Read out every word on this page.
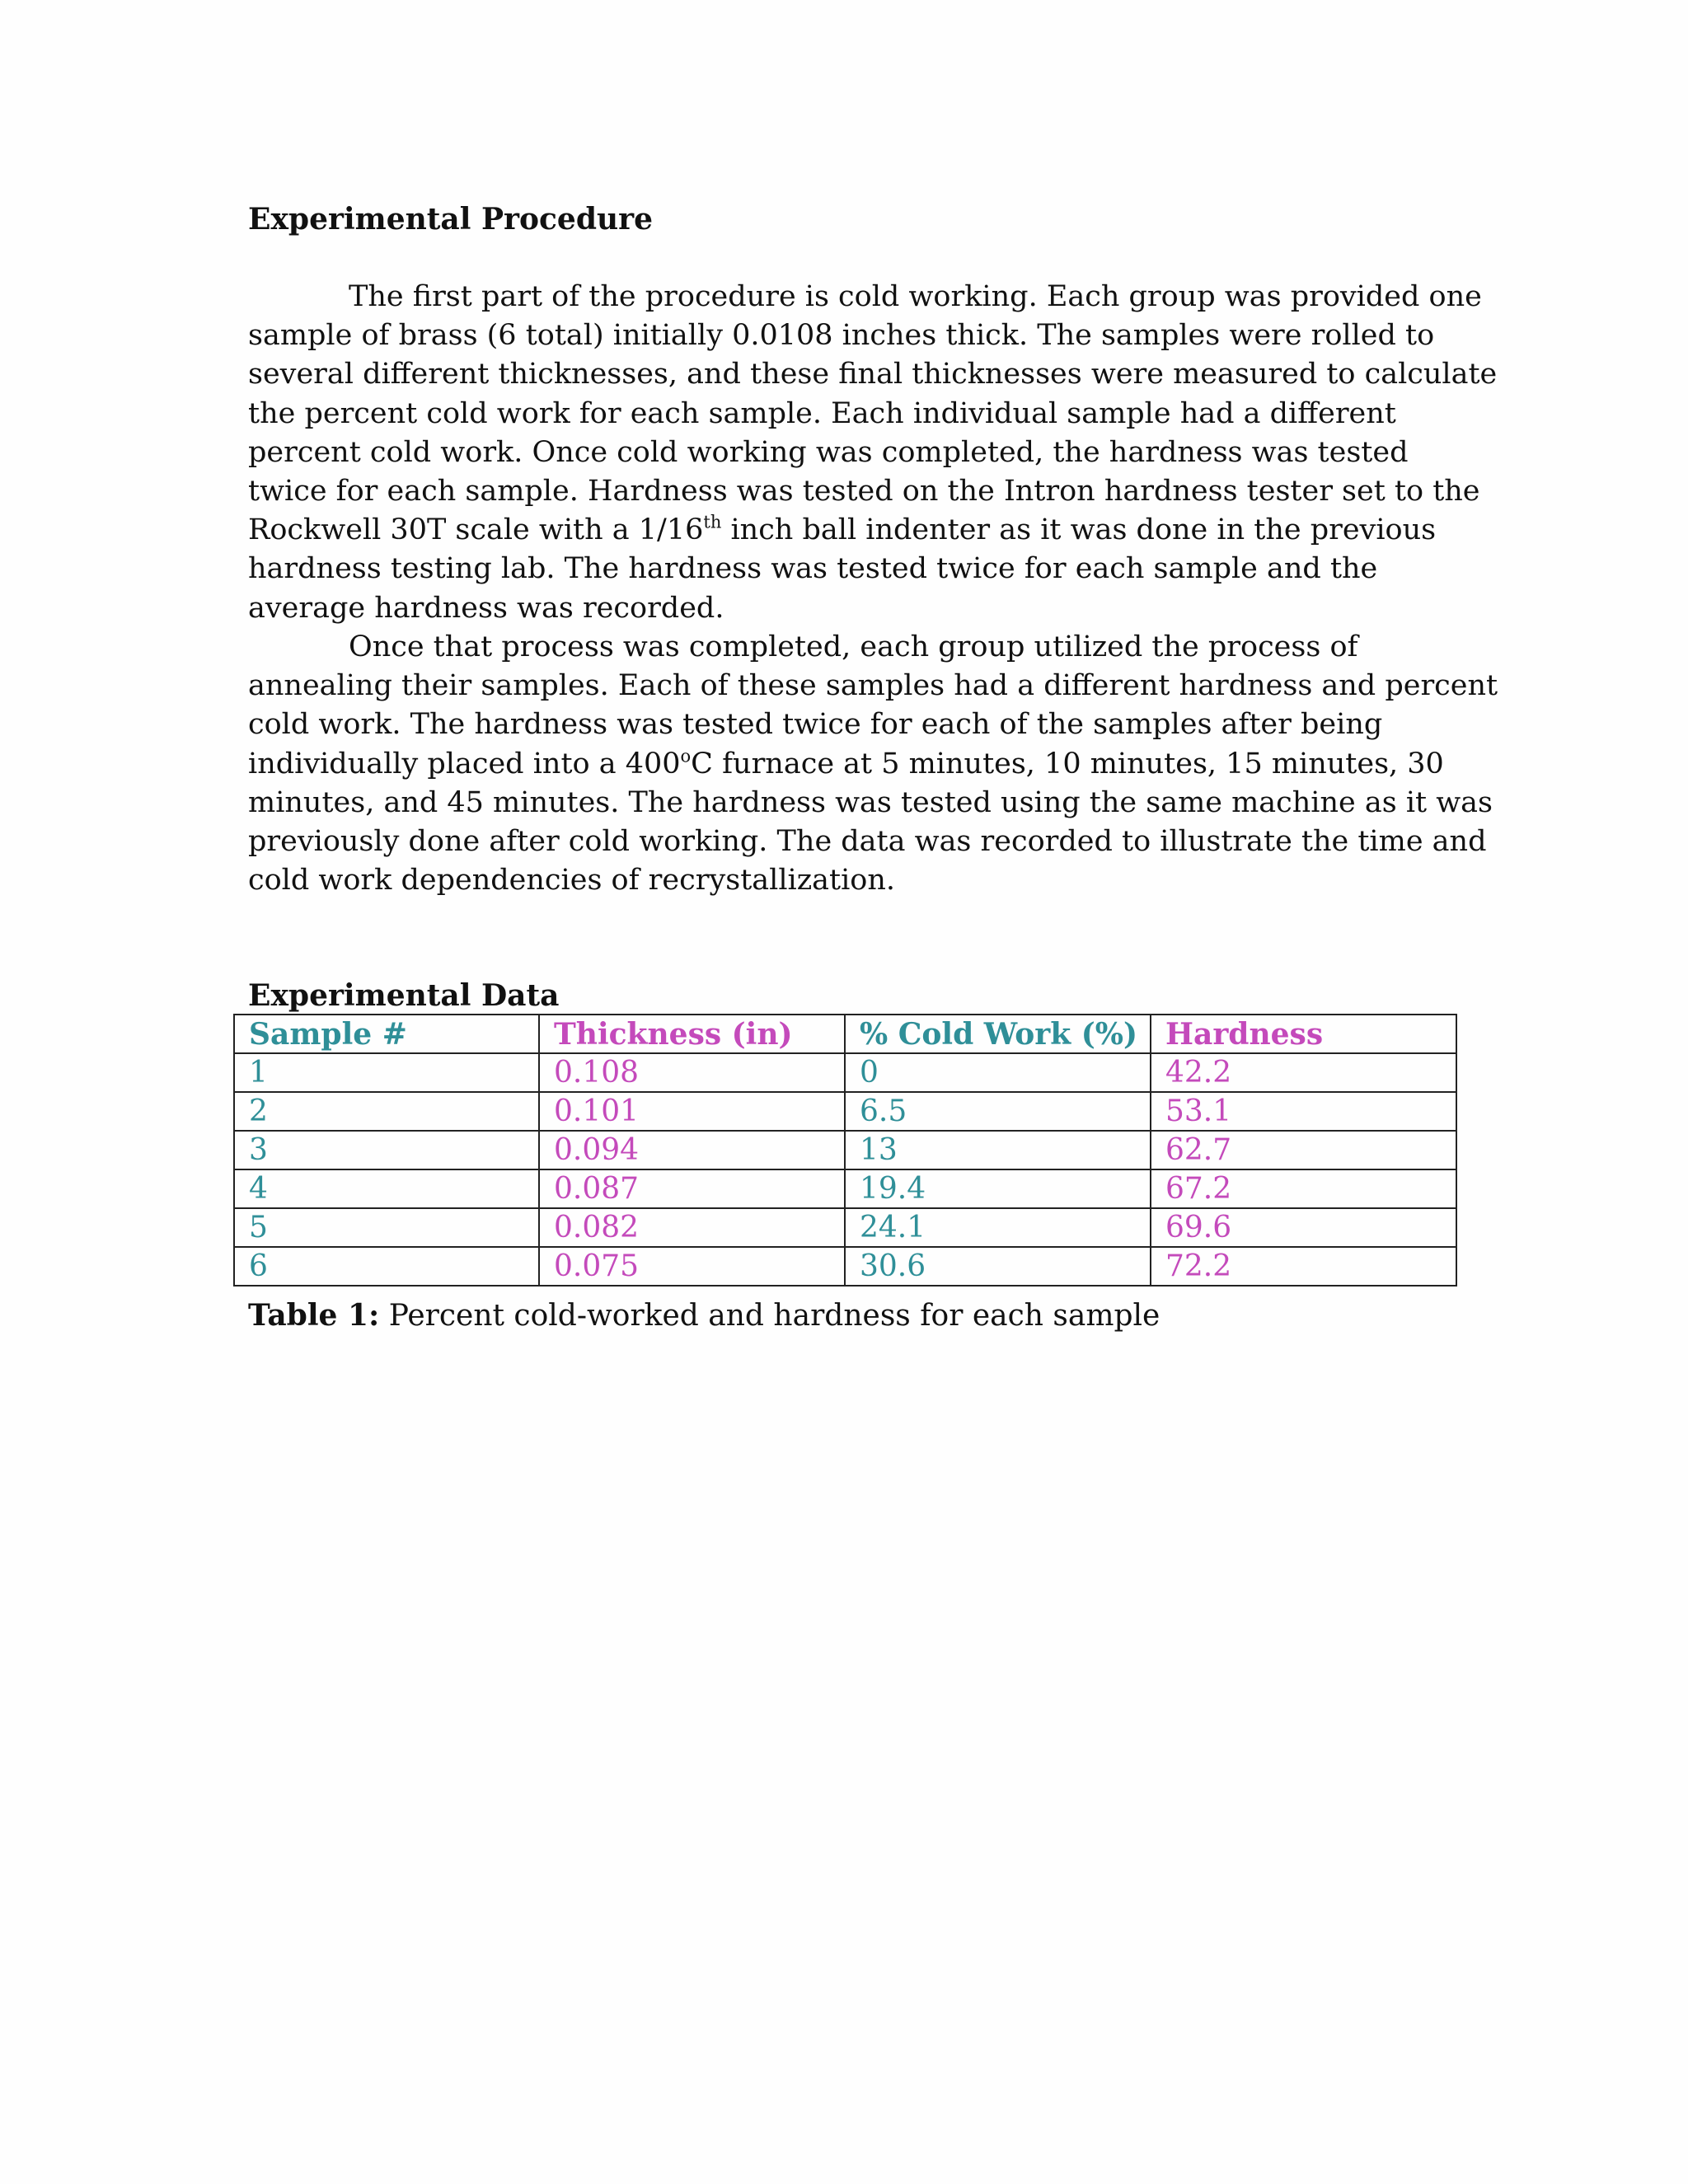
Experimental Procedure
The first part of the procedure is cold working. Each group was provided one
sample of brass (6 total) initially 0.0108 inches thick. The samples were rolled to
several different thicknesses, and these final thicknesses were measured to calculate
the percent cold work for each sample. Each individual sample had a different
percent cold work. Once cold working was completed, the hardness was tested
twice for each sample. Hardness was tested on the Intron hardness tester set to the
Rockwell 30T scale with a 1/16th inch ball indenter as it was done in the previous
hardness testing lab. The hardness was tested twice for each sample and the
average hardness was recorded.
Once that process was completed, each group utilized the process of
annealing their samples. Each of these samples had a different hardness and percent
cold work. The hardness was tested twice for each of the samples after being
individually placed into a 400$^o$C furnace at 5 minutes, 10 minutes, 15 minutes, 30
minutes, and 45 minutes. The hardness was tested using the same machine as it was
previously done after cold working. The data was recorded to illustrate the time and
cold work dependencies of recrystallization.
Experimental Data
Sample #	Thickness (in)	% Cold Work (%)	Hardness
1	0.108	0	42.2
2	0.101	6.5	53.1
3	0.094	13	62.7
4	0.087	19.4	67.2
5	0.082	24.1	69.6
6	0.075	30.6	72.2

Table 1: Percent cold-worked and hardness for each sample
